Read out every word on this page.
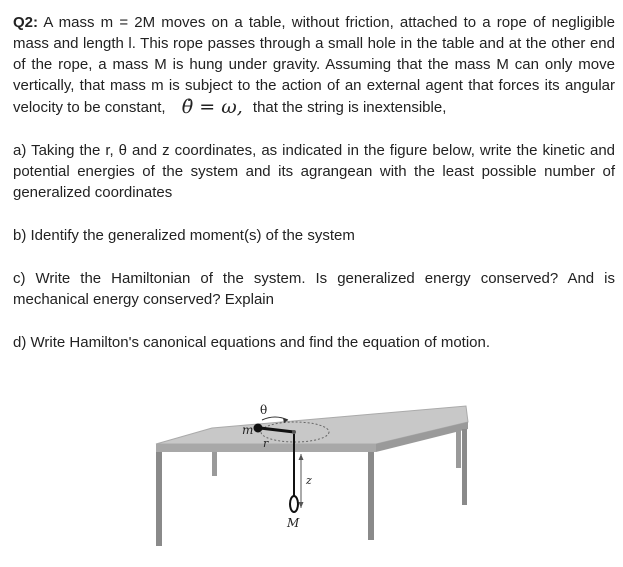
Q2: A mass m = 2M moves on a table, without friction, attached to a rope of negligible mass and length l. This rope passes through a small hole in the table and at the other end of the rope, a mass M is hung under gravity. Assuming that the mass M can only move vertically, that mass m is subject to the action of an external agent that forces its angular velocity to be constant, θ̇ = ω, that the string is inextensible,

a) Taking the r, θ and z coordinates, as indicated in the figure below, write the kinetic and potential energies of the system and its agrangean with the least possible number of generalized coordinates

b) Identify the generalized moment(s) of the system

c) Write the Hamiltonian of the system. Is generalized energy conserved? And is mechanical energy conserved? Explain

d) Write Hamilton's canonical equations and find the equation of motion.

θ
m
r
z
M
